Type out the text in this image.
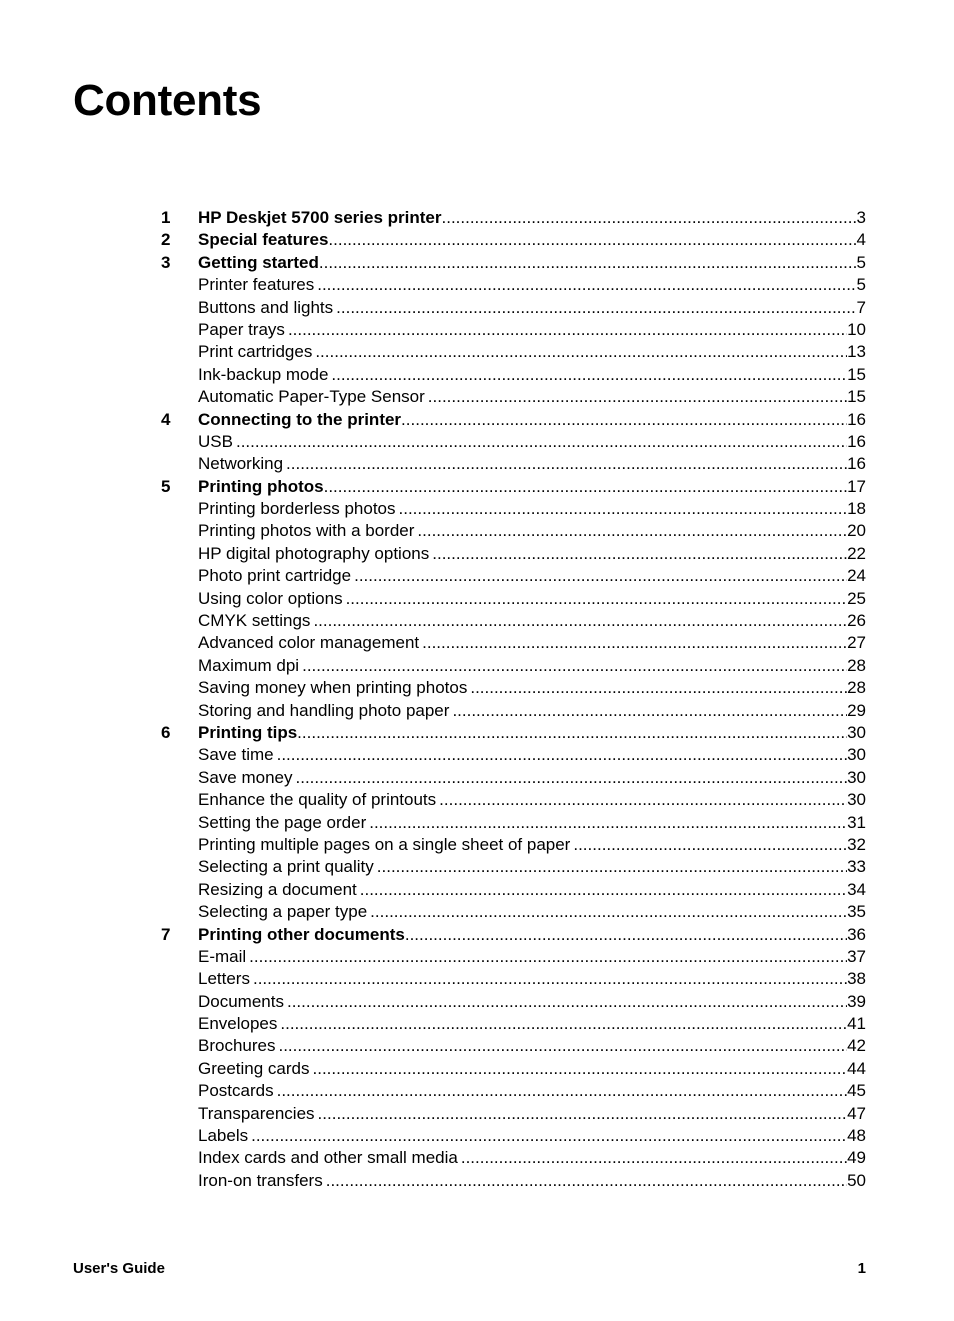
Contents
1	HP Deskjet 5700 series printer .....	3
2	Special features .....	4
3	Getting started .....	5
Printer features .....	5
Buttons and lights .....	7
Paper trays .....	10
Print cartridges .....	13
Ink-backup mode .....	15
Automatic Paper-Type Sensor .....	15
4	Connecting to the printer .....	16
USB .....	16
Networking .....	16
5	Printing photos .....	17
Printing borderless photos .....	18
Printing photos with a border .....	20
HP digital photography options .....	22
Photo print cartridge .....	24
Using color options .....	25
CMYK settings .....	26
Advanced color management .....	27
Maximum dpi .....	28
Saving money when printing photos .....	28
Storing and handling photo paper .....	29
6	Printing tips .....	30
Save time .....	30
Save money .....	30
Enhance the quality of printouts .....	30
Setting the page order .....	31
Printing multiple pages on a single sheet of paper .....	32
Selecting a print quality .....	33
Resizing a document .....	34
Selecting a paper type .....	35
7	Printing other documents .....	36
E-mail .....	37
Letters .....	38
Documents .....	39
Envelopes .....	41
Brochures .....	42
Greeting cards .....	44
Postcards .....	45
Transparencies .....	47
Labels .....	48
Index cards and other small media .....	49
Iron-on transfers .....	50
User's Guide	1
